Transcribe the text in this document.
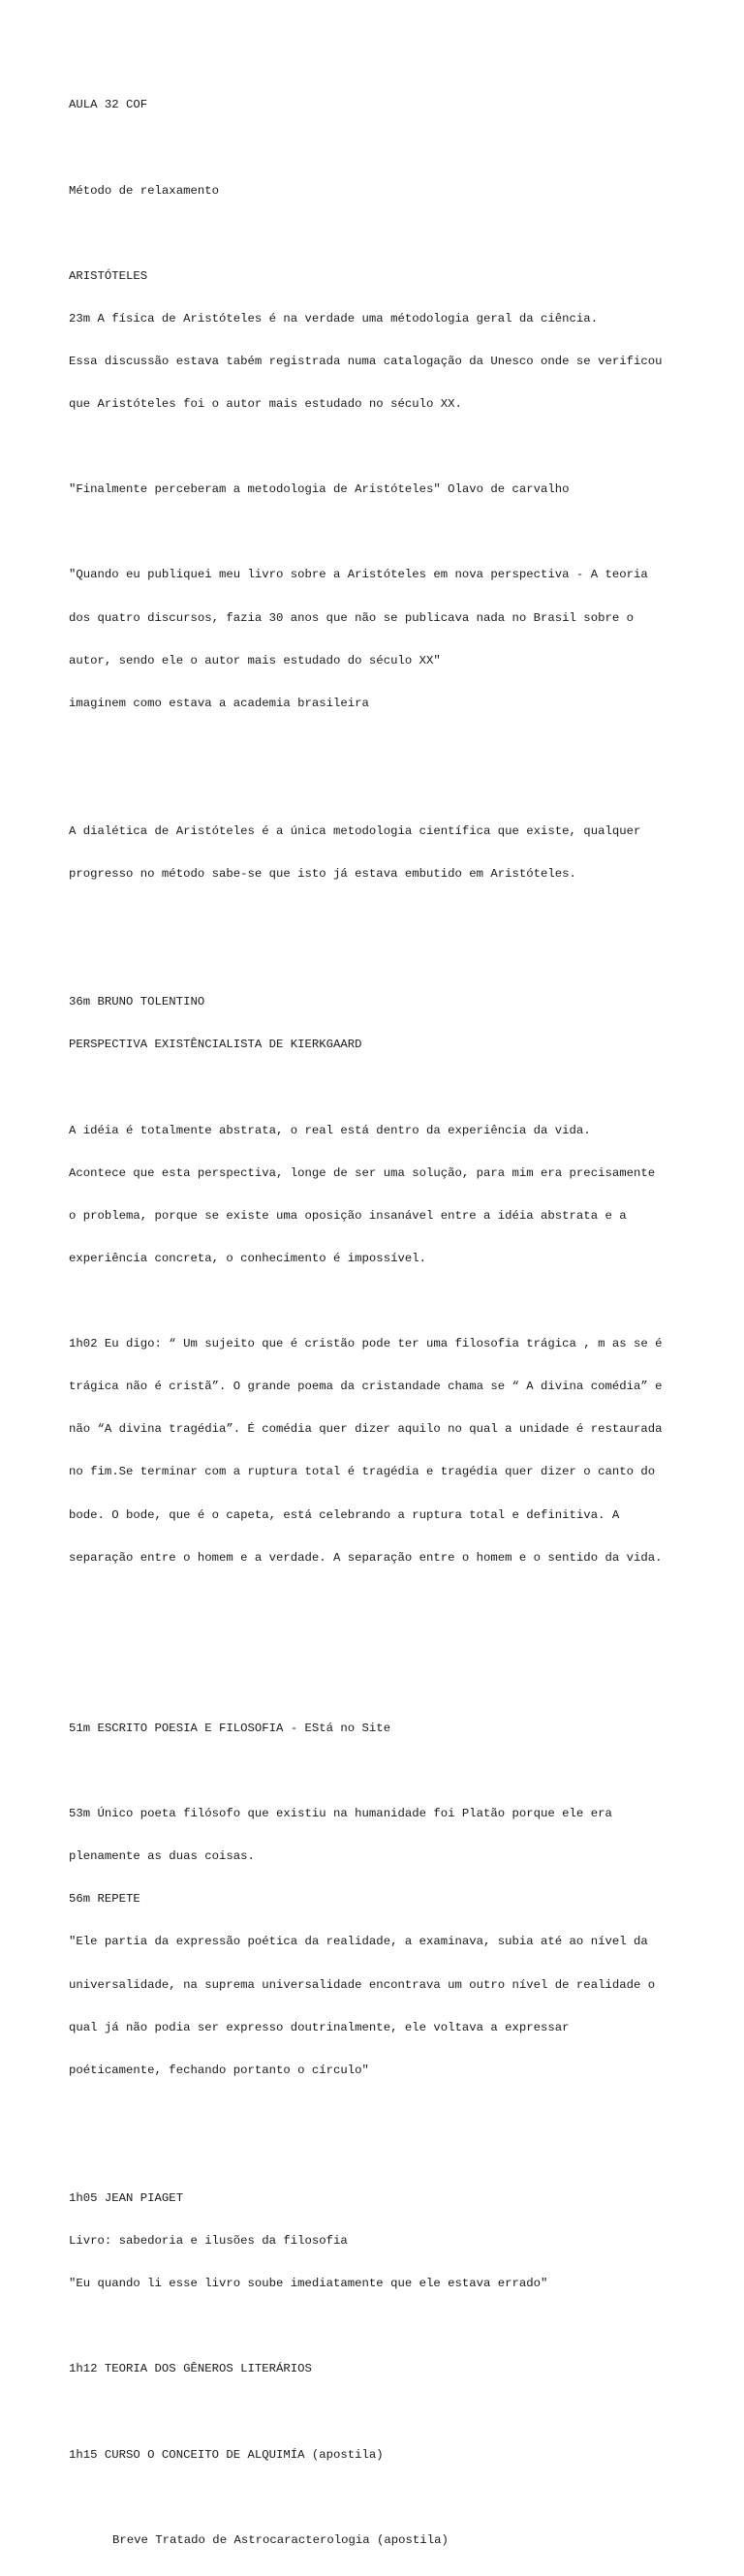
AULA 32 COF

Método de relaxamento

ARISTÓTELES

23m A física de Aristóteles é na verdade uma métodologia geral da ciência.

Essa discussão estava tabém registrada numa catalogação da Unesco onde se verificou

que Aristóteles foi o autor mais estudado no século XX.

"Finalmente perceberam a metodologia de Aristóteles" Olavo de carvalho

"Quando eu publiquei meu livro sobre a Aristóteles em nova perspectiva - A teoria

dos quatro discursos, fazia 30 anos que não se publicava nada no Brasil sobre o

autor, sendo ele o autor mais estudado do século XX"

imaginem como estava a academia brasileira

A dialética de Aristóteles é a única metodologia científica que existe, qualquer

progresso no método sabe-se que isto já estava embutido em Aristóteles.

36m BRUNO TOLENTINO

PERSPECTIVA EXISTÊNCIALISTA DE KIERKGAARD

A idéia é totalmente abstrata, o real está dentro da experiência da vida.

Acontece que esta perspectiva, longe de ser uma solução, para mim era precisamente

o problema, porque se existe uma oposição insanável entre a idéia abstrata e a

experiência concreta, o conhecimento é impossível.

1h02 Eu digo: “ Um sujeito que é cristão pode ter uma filosofia trágica , m as se é

trágica não é cristã”. O grande poema da cristandade chama se “ A divina comédia” e

não “A divina tragédia”. É comédia quer dizer aquilo no qual a unidade é restaurada

no fim.Se terminar com a ruptura total é tragédia e tragédia quer dizer o canto do

bode. O bode, que é o capeta, está celebrando a ruptura total e definitiva. A

separação entre o homem e a verdade. A separação entre o homem e o sentido da vida.

51m ESCRITO POESIA E FILOSOFIA - EStá no Site

53m Único poeta filósofo que existiu na humanidade foi Platão porque ele era

plenamente as duas coisas.

56m REPETE

"Ele partia da expressão poética da realidade, a examinava, subia até ao nível da

universalidade, na suprema universalidade encontrava um outro nível de realidade o

qual já não podia ser expresso doutrinalmente, ele voltava a expressar

poéticamente, fechando portanto o círculo"

1h05 JEAN PIAGET

Livro: sabedoria e ilusões da filosofia

"Eu quando li esse livro soube imediatamente que ele estava errado"

1h12 TEORIA DOS GÊNEROS LITERÁRIOS

1h15 CURSO O CONCEITO DE ALQUIMÍA (apostila)

Breve Tratado de Astrocaracterologia (apostila)
